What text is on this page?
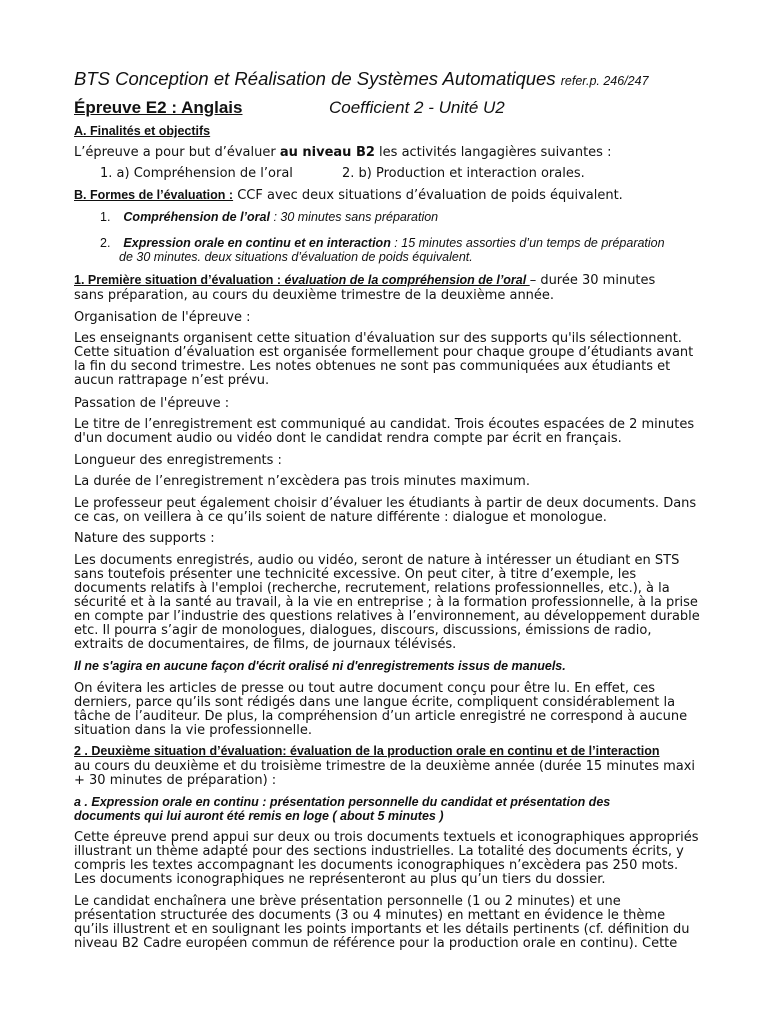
BTS Conception et Réalisation de Systèmes Automatiques refer.p. 246/247
Épreuve E2 : Anglais	Coefficient 2 - Unité U2
A. Finalités et objectifs
L’épreuve a pour but d’évaluer au niveau B2 les activités langagières suivantes :
1. a) Compréhension de l’oral	2. b) Production et interaction orales.
B. Formes de l’évaluation : CCF avec deux situations d’évaluation de poids équivalent.
1. Compréhension de l’oral : 30 minutes sans préparation
2. Expression orale en continu et en interaction : 15 minutes assorties d’un temps de préparation
de 30 minutes. deux situations d’évaluation de poids équivalent.
1. Première situation d’évaluation : évaluation de la compréhension de l’oral – durée 30 minutes
sans préparation, au cours du deuxième trimestre de la deuxième année.
Organisation de l'épreuve :
Les enseignants organisent cette situation d'évaluation sur des supports qu'ils sélectionnent.
Cette situation d’évaluation est organisée formellement pour chaque groupe d’étudiants avant
la fin du second trimestre. Les notes obtenues ne sont pas communiquées aux étudiants et
aucun rattrapage n’est prévu.
Passation de l'épreuve :
Le titre de l’enregistrement est communiqué au candidat. Trois écoutes espacées de 2 minutes
d'un document audio ou vidéo dont le candidat rendra compte par écrit en français.
Longueur des enregistrements :
La durée de l’enregistrement n’excèdera pas trois minutes maximum.
Le professeur peut également choisir d’évaluer les étudiants à partir de deux documents. Dans
ce cas, on veillera à ce qu’ils soient de nature différente : dialogue et monologue.
Nature des supports :
Les documents enregistrés, audio ou vidéo, seront de nature à intéresser un étudiant en STS
sans toutefois présenter une technicité excessive. On peut citer, à titre d’exemple, les
documents relatifs à l'emploi (recherche, recrutement, relations professionnelles, etc.), à la
sécurité et à la santé au travail, à la vie en entreprise ; à la formation professionnelle, à la prise
en compte par l’industrie des questions relatives à l’environnement, au développement durable
etc. Il pourra s’agir de monologues, dialogues, discours, discussions, émissions de radio,
extraits de documentaires, de films, de journaux télévisés.
Il ne s'agira en aucune façon d'écrit oralisé ni d'enregistrements issus de manuels.
On évitera les articles de presse ou tout autre document conçu pour être lu. En effet, ces
derniers, parce qu’ils sont rédigés dans une langue écrite, compliquent considérablement la
tâche de l’auditeur. De plus, la compréhension d’un article enregistré ne correspond à aucune
situation dans la vie professionnelle.
2 . Deuxième situation d’évaluation: évaluation de la production orale en continu et de l’interaction
au cours du deuxième et du troisième trimestre de la deuxième année (durée 15 minutes maxi
+ 30 minutes de préparation) :
a . Expression orale en continu : présentation personnelle du candidat et présentation des
documents qui lui auront été remis en loge ( about 5 minutes )
Cette épreuve prend appui sur deux ou trois documents textuels et iconographiques appropriés
illustrant un thème adapté pour des sections industrielles. La totalité des documents écrits, y
compris les textes accompagnant les documents iconographiques n’excèdera pas 250 mots.
Les documents iconographiques ne représenteront au plus qu’un tiers du dossier.
Le candidat enchaînera une brève présentation personnelle (1 ou 2 minutes) et une
présentation structurée des documents (3 ou 4 minutes) en mettant en évidence le thème
qu’ils illustrent et en soulignant les points importants et les détails pertinents (cf. définition du
niveau B2 Cadre européen commun de référence pour la production orale en continu). Cette
